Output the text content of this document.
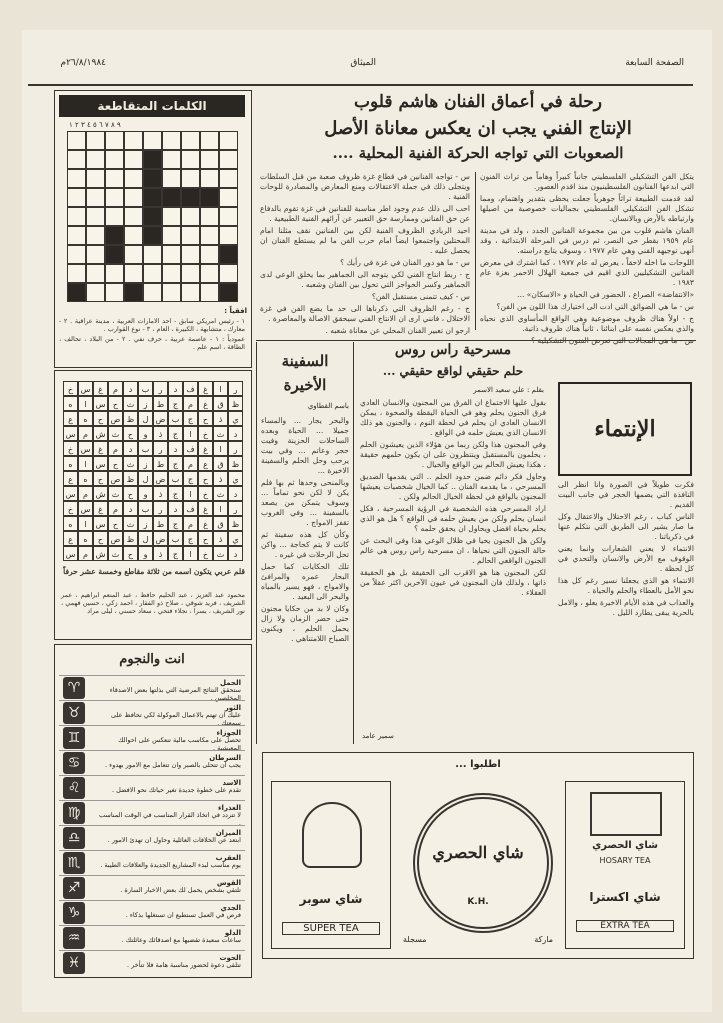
٢٦/٨/١٩٨٤م	الميثاق	الصفحة السابعة
رحلة في أعماق الفنان هاشم قلوب
الإنتاج الفني يجب ان يعكس معاناة الأصل
الصعوبات التي تواجه الحركة الفنية المحلية ....

يتكل الفن التشكيلي الفلسطيني جانباً كبيراً وهاماً من تراث الفنون التي ابدعها الفنانون الفلسطينيون منذ اقدم العصور.

لقد قدمت الطبيعة تراثاً جوهرياً جعلت يحظى بتقدير واهتمام، ومما تشكل الفن التشكيلي الفلسطيني بجماليات خصوصية من اصيلها وارتباطه بالأرض وبالانسان.

الفنان هاشم قلوب من بين مجموعة الفنانين الجدد ، ولد في مدينة عام ١٩٥٩ بقطر حي النصر، ثم درس في المرحلة الابتدائية ، وقد أنهى توجيهه الفني وهي عام ١٩٧٧ ، وسوف يتابع دراسته.

اللوحات ما اخله لاحقاً ، يعرض له عام ١٩٧٧ ، كما اشترك في معرض الفنانين التشكيليين الذي اقيم في جمعية الهلال الاحمر بغزة عام ١٩٨٣ .

«الانتفاضة» الصراع ، الحضور في الحياة و «الاسكان» ...

س - ما هي الضوائق التي ادت الى اختيارك هذا اللون من الفن؟

ج - اولاً هناك ظروف موضوعية وهي الواقع المأساوي الذي نحياه والذي يعكس نفسه على ابنائنا ، ثانياً هناك ظروف ذاتية.

س - تواجه الفنانين في قطاع غزة ظروف صعبة من قبل السلطات ويتجلى ذلك في جملة الاعتقالات ومنع المعارض والمصادرة للوحات الفنية .

احب الى ذلك عدم وجود اطر مناسبة للفنانين في غزة تقوم بالدفاع عن حق الفنانين وممارسة حق التعبير عن آرائهم الفنية الطبيعية .

احيد الريادي الظروف الفنية لكن بين الفنانين نقف مثلنا امام المحتلين واجتمعوا ايضاً امام حرب الفن ما لم يستطع الفنان ان يحصل عليه .

س - ما هو دور الفنان في غزة في رأيك ؟

ج - ربط انتاج الفني لكي يتوجه الى الجماهير بما يخلق الوعي لدى الجماهير وكسر الحواجز التي تحول بين الفنان وشعبه .

س - كيف تتمنى مستقبل الفن؟

ج - رغم الظروف التي ذكرناها الى حد ما يضع الفن في غزة الاحتلال ، فانني ارى ان الانتاج الفني سيحقق الاصالة والمعاصرة .

ارجو ان تعبير الفنان المحلي عن معاناة شعبه .

مسرحية راس روس
حلم حقيقي لواقع حقيقي ...
بقلم : علي سعيد الاسمر

بقول عليها الاجتماع ان الفرق بين المجنون والانسان العادي فرق الجنون يحلم وهو في الحياة اليقظة والصحوة ، يمكن الانسان العادي ان يحلم في لحظة النوم ، والجنون هو ذلك الانسان الذي يعيش حلمه في الواقع .

وفي المجنون هذا ولكن ربما من هؤلاء الذين يعيشون الحلم ، يحلمون بالمستقبل وينتظرون على ان يكون حلمهم حقيقة ، هكذا يعيش الحالم بين الواقع والخيال .

وحاول فكر دائم ضمن حدود الحلم .. التي يقدمها الصديق المسرحي ، ما يقدمه الفنان .. كما الخيال شخصيات يعيشها المجنون بالواقع في لحظة الخيال الحالم ولكن .

اراد المسرحي هذه الشخصية في الرؤية المسرحية ، فكل انسان يحلم ولكن من يعيش حلمه في الواقع ؟ هل هو الذي يحلم بحياة افضل ويحاول ان يحقق حلمه ؟

ولكن هل الجنون يحيا في ظلال الوعي هذا وفي البحث عن حالة الجنون التي نحياها ، ان مسرحية راس روس هي عالم الجنون الواقعي الحالم .

لكن المجنون هنا هو الاقرب الى الحقيقة بل هو الحقيقة ذاتها ، ولذلك فان المجنون في عيون الآخرين اكثر عقلاً من العقلاء .

سمير عامد
الإنتماء

فكرت طويلاً في الصورة وانا انظر الى النافذة التي يضمها الحجر في جانب البيت القديم .

الناس كباب ، رغم الاحتلال والاعتقال وكل ما صار يشير الى الطريق التي نتكلم عنها في ذكرياتنا .

الانتماء لا يعني الشعارات وانما يعني الوقوف مع الأرض والانسان والتحدي في كل لحظة .

الانتماء هو الذي يجعلنا نسير رغم كل هذا نحو الأمل بالعطاء والحلم والحياة .

والعذاب في هذه الأيام الاخيرة يعلو ، والامل بالحرية يبقى يطارد الليل .

السفينة
الأخيرة
باسم القطاوي

والبحر يجار ... والمساء جميلا ... الحياة وبعده الساحلات الحزينة وفيت حجر وعاتم ... وفي بيت يرحب وحل الحلم والسفينة الاخيرة ...

وبالمنحى وحدها ثم بها فلم يكن لا لكن نحو تماماً ... وسوف يتمكن من يصعد بالسفينة ... وفي الغروب تقفز الامواج .

وكأن كل هذه سفينة ثم كانت لا يتم كحاجة ... واكن تحل الرحلات في غيره .

تلك الحكايات كما حمل البحار عمره والمرافئ والامواج ، فهو يسير بالمياه والبحر الى البعيد .

وكان لا بد من حكايا مجنون حتى حضر الزمان ولا زال يحمل الحلم ، ويكنون الصباح اللامتناهي .

اطلبوا ...
شاي سوبر
SUPER TEA
شاي الحصري
K.H.
مسجلة	ماركة
شاي الحصري
HOSARY TEA
شاي اكسترا
EXTRA TEA
الكلمات المتقاطعة
٩ ٨ ٧ ٦ ٥ ٤ ٣ ٢ ١
افقياً :

١ - رئيس امريكي سابق - احد الامارات العربية ، مدينة عراقية . ٢ - معارك ، متشابهة ، الكبيرة ، العام ، ٣ - نوع القوارب .

عمودياً : ١ - عاصمة عربية ، حرف نفي . ٢ - من البلاد ، تحالف ، الطاقة ، اسم علم .

خ س غ	م	د	ب	ر	د	ف	غ	ا	ر
ه	ا	س ح	ث	ز	ط	ج	م	ع	ق	ظ
ع	ه	ح ص ظ	ل ض ب	ج	ح	ذ	ي
س م ش ث	ح	و	ذ	ج	ا	خ	ث	د
خ س غ	م	د	ب	ر	د	ف	غ	ا	ر
ه	ا	س ح	ث	ز	ط	ج	م	ع	ق	ظ
ع	ه	ح ص ظ	ل ض ب	ج	ح	ذ	ي
س م ش ث	ح	و	ذ	ج	ا	خ	ث	د
خ س غ	م	د	ب	ر	د	ف	غ	ا	ر
ه	ا	س ح	ث	ز	ط	ج	م	ع	ق	ظ
ع	ه	ح ص ظ	ل ض ب	ج	ح	ذ	ي
س م ش ث	ح	و	ذ	ج	ا	خ	ث	د
قلم عربي يتكون اسمه من ثلاثة مقاطع وخمسة عشر حرفاً
محمود عبد العزيز ، عبد الحليم حافظ ، عبد المنعم ابراهيم ، عمر الشريف ، فريد شوقي ، صلاح ذو الفقار ، احمد زكي ، حسين فهمي ، نور الشريف ، يسرا ، نجلاء فتحي ، سعاد حسني ، ليلى مراد
انت والنجوم
الحمل
ستحقق النتائج المرضية التي بذلتها بعض الاصدقاء المخلصين .
♈
الثور
عليك ان تهتم بالاعمال الموكولة لكي تحافظ على سمعتك .
♉
الجوزاء
تحصل على مكاسب مالية تنعكس على احوالك المعيشية .
♊
السرطان
يجب ان تتحلى بالصبر وان تتعامل مع الامور بهدوء .
♋
الاسد
تقدم على خطوة جديدة تغير حياتك نحو الافضل .
♌
العذراء
لا تتردد في اتخاذ القرار المناسب في الوقت المناسب .
♍
الميزان
ابتعد عن الخلافات العائلية وحاول ان تهدئ الامور .
♎
العقرب
يوم مناسب لبدء المشاريع الجديدة والعلاقات الطيبة .
♏
القوس
تلتقي بشخص يحمل لك بعض الاخبار السارة .
♐
الجدي
فرص في العمل تستطيع ان تستغلها بذكاء .
♑
الدلو
ساعات سعيدة تقضيها مع اصدقائك وعائلتك .
♒
الحوت
تتلقى دعوة لحضور مناسبة هامة فلا تتأخر .
♓
